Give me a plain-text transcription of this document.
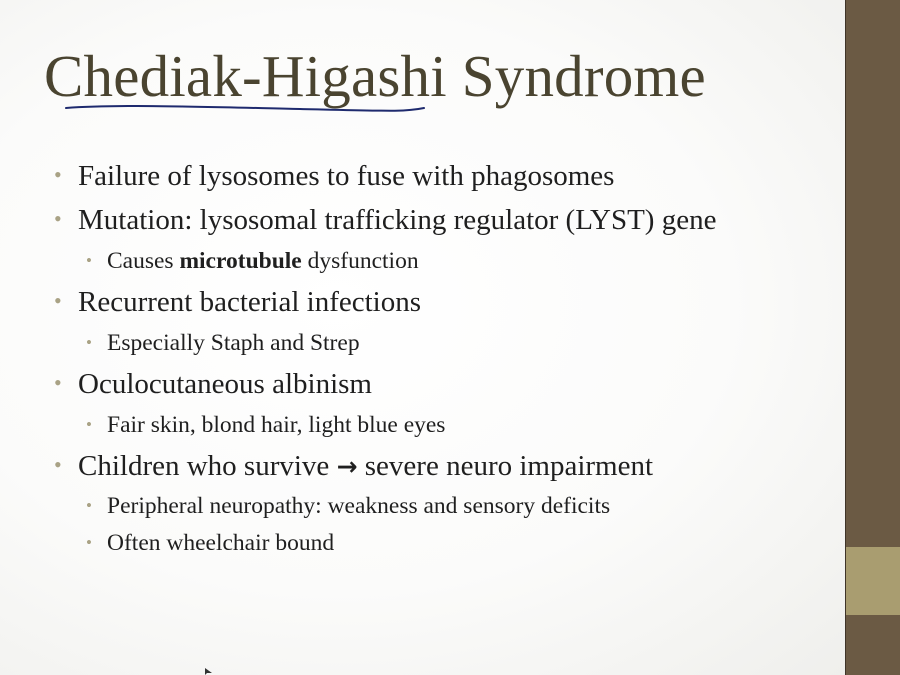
Chediak-Higashi Syndrome
• Failure of lysosomes to fuse with phagosomes
• Mutation: lysosomal trafficking regulator (LYST) gene
• Causes microtubule dysfunction
• Recurrent bacterial infections
• Especially Staph and Strep
• Oculocutaneous albinism
• Fair skin, blond hair, light blue eyes
• Children who survive → severe neuro impairment
• Peripheral neuropathy: weakness and sensory deficits
• Often wheelchair bound
